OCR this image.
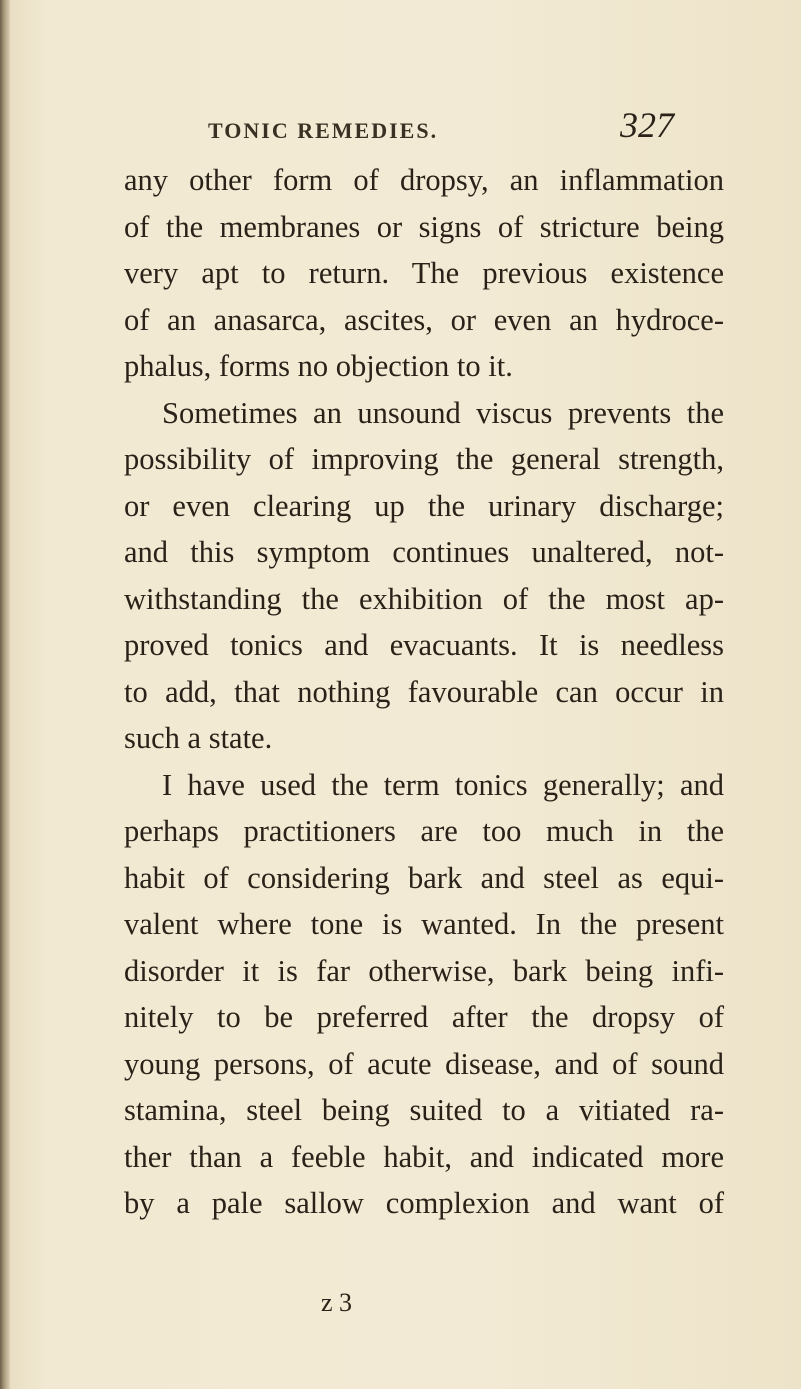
TONIC REMEDIES.	327
any other form of dropsy, an inflammation
of the membranes or signs of stricture being
very apt to return. The previous existence
of an anasarca, ascites, or even an hydroce-
phalus, forms no objection to it.
Sometimes an unsound viscus prevents the
possibility of improving the general strength,
or even clearing up the urinary discharge;
and this symptom continues unaltered, not-
withstanding the exhibition of the most ap-
proved tonics and evacuants. It is needless
to add, that nothing favourable can occur in
such a state.
I have used the term tonics generally; and
perhaps practitioners are too much in the
habit of considering bark and steel as equi-
valent where tone is wanted. In the present
disorder it is far otherwise, bark being infi-
nitely to be preferred after the dropsy of
young persons, of acute disease, and of sound
stamina, steel being suited to a vitiated ra-
ther than a feeble habit, and indicated more
by a pale sallow complexion and want of
z 3
